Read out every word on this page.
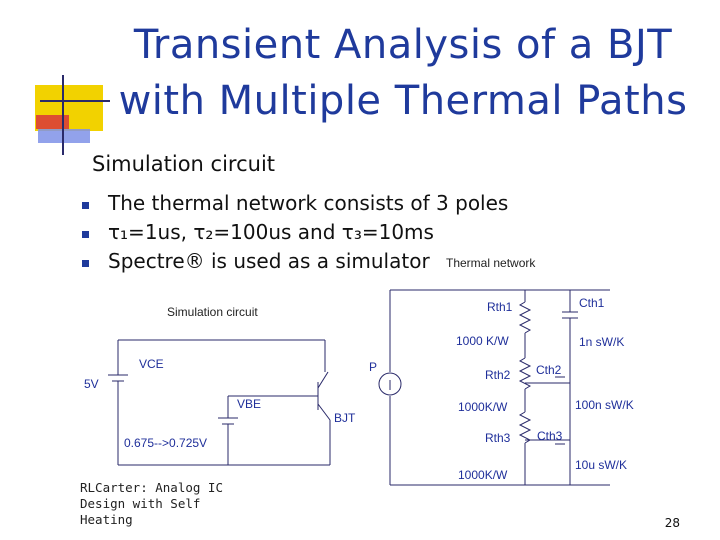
Transient Analysis of a BJT
with Multiple Thermal Paths
Simulation circuit
The thermal network consists of 3 poles
τ₁=1us, τ₂=100us and τ₃=10ms
Spectre® is used as a simulator Thermal network
Simulation circuit
VCE
5V
VBE
BJT
0.675-->0.725V
P
Rth1
1000 K/W
Cth1
1n sW/K
Rth2 Cth2
1000K/W	100n sW/K
Rth3 Cth3
10u sW/K
1000K/W
RLCarter: Analog IC
Design with Self
Heating	28
